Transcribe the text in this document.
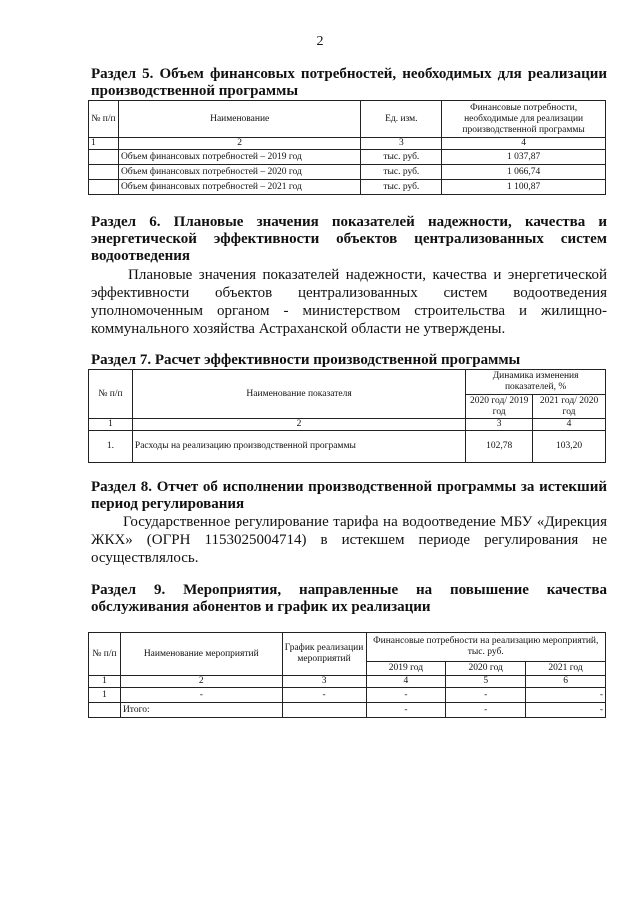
2
Раздел 5. Объем финансовых потребностей, необходимых для реализации производственной программы
№ п/п	Наименование	Ед. изм.	Финансовые потребности, необходимые для реализации производственной программы
1	2	3	4
	Объем финансовых потребностей – 2019 год	тыс. руб.	1 037,87
	Объем финансовых потребностей – 2020 год	тыс. руб.	1 066,74
	Объем финансовых потребностей – 2021 год	тыс. руб.	1 100,87
Раздел 6. Плановые значения показателей надежности, качества и энергетической эффективности объектов централизованных систем водоотведения
Плановые значения показателей надежности, качества и энергетической эффективности объектов централизованных систем водоотведения уполномоченным органом - министерством строительства и жилищно-коммунального хозяйства Астраханской области не утверждены.
Раздел 7. Расчет эффективности производственной программы
№ п/п	Наименование показателя	Динамика изменения показателей, %	
		2020 год/ 2019 год	2021 год/ 2020 год
1	2	3	4
1.	Расходы на реализацию производственной программы	102,78	103,20
Раздел 8. Отчет об исполнении производственной программы за истекший период регулирования
Государственное регулирование тарифа на водоотведение МБУ «Дирекция ЖКХ» (ОГРН 1153025004714) в истекшем периоде регулирования не осуществлялось.
Раздел 9. Мероприятия, направленные на повышение качества обслуживания абонентов и график их реализации
№ п/п	Наименование мероприятий	График реализации мероприятий	Финансовые потребности на реализацию мероприятий, тыс. руб.		
			2019 год	2020 год	2021 год
1	2	3	4	5	6
1	-	-	-	-	-
	Итого:		-	-	-
